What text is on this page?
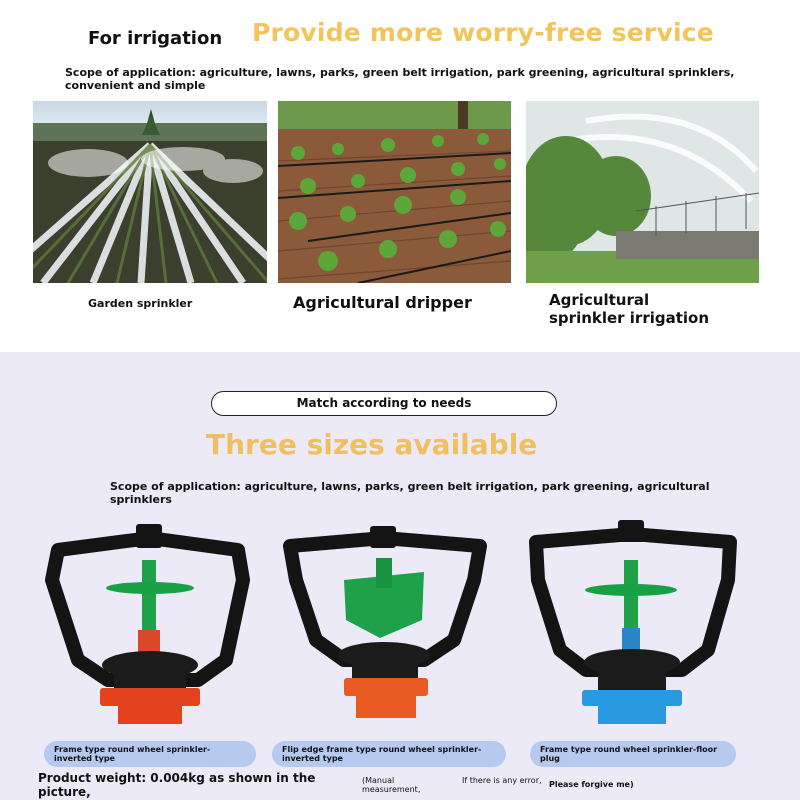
For irrigation Provide more worry-free service
Scope of application: agriculture, lawns, parks, green belt irrigation, park greening, agricultural sprinklers, convenient and simple
Garden sprinkler	Agricultural dripper	Agricultural
sprinkler irrigation
Match according to needs
Three sizes available
Scope of application: agriculture, lawns, parks, green belt irrigation, park greening, agricultural sprinklers
Frame type round wheel sprinkler-inverted type
Flip edge frame type round wheel sprinkler-inverted type
Frame type round wheel sprinkler-floor plug
Product weight: 0.004kg as shown in the picture,
(Manual measurement,
If there is any error, Please forgive me)
